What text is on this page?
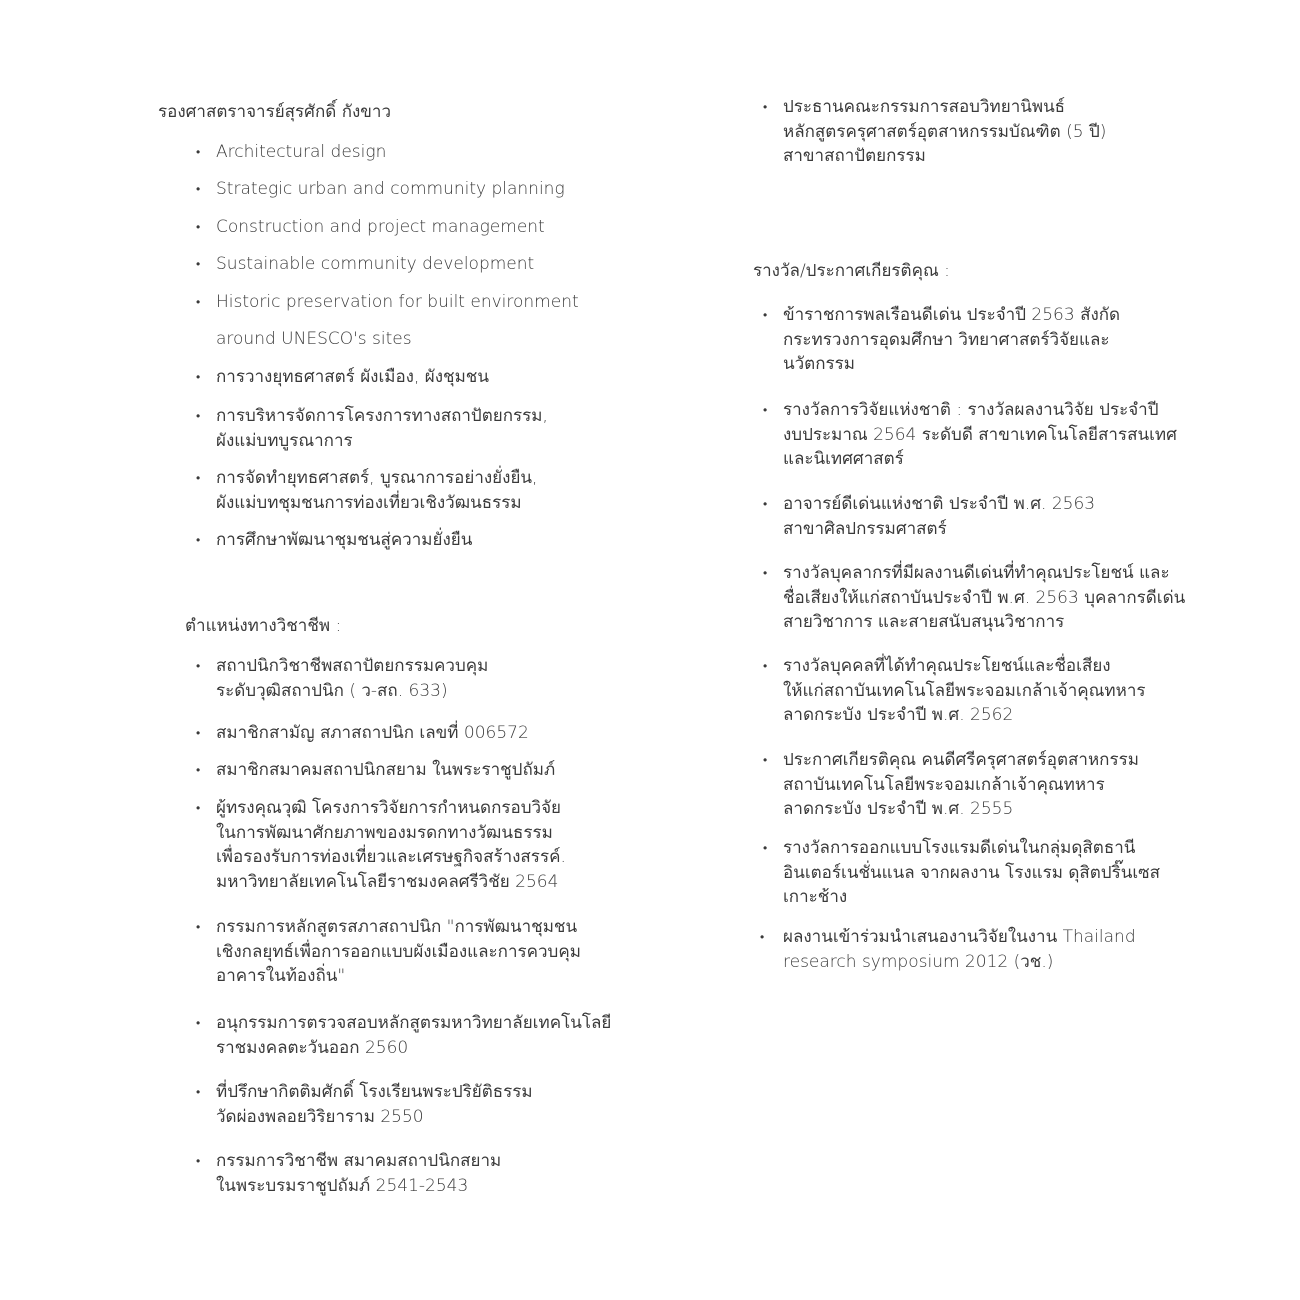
รองศาสตราจารย์สุรศักดิ์ กังขาว
• Architectural design
• Strategic urban and community planning
• Construction and project management
• Sustainable community development
• Historic preservation for built environment
around UNESCO's sites
• การวางยุทธศาสตร์ ผังเมือง, ผังชุมชน
• การบริหารจัดการโครงการทางสถาปัตยกรรม,
ผังแม่บทบูรณาการ
• การจัดทำยุทธศาสตร์, บูรณาการอย่างยั่งยืน,
ผังแม่บทชุมชนการท่องเที่ยวเชิงวัฒนธรรม
• การศึกษาพัฒนาชุมชนสู่ความยั่งยืน
ตำแหน่งทางวิชาชีพ :
• สถาปนิกวิชาชีพสถาปัตยกรรมควบคุม
ระดับวุฒิสถาปนิก ( ว-สถ. 633)
• สมาชิกสามัญ สภาสถาปนิก เลขที่ 006572
• สมาชิกสมาคมสถาปนิกสยาม ในพระราชูปถัมภ์
• ผู้ทรงคุณวุฒิ โครงการวิจัยการกำหนดกรอบวิจัย
ในการพัฒนาศักยภาพของมรดกทางวัฒนธรรม
เพื่อรองรับการท่องเที่ยวและเศรษฐกิจสร้างสรรค์.
มหาวิทยาลัยเทคโนโลยีราชมงคลศรีวิชัย 2564
• กรรมการหลักสูตรสภาสถาปนิก "การพัฒนาชุมชน
เชิงกลยุทธ์เพื่อการออกแบบผังเมืองและการควบคุม
อาคารในท้องถิ่น"
• อนุกรรมการตรวจสอบหลักสูตรมหาวิทยาลัยเทคโนโลยี
ราชมงคลตะวันออก 2560
• ที่ปรึกษากิตติมศักดิ์ โรงเรียนพระปริยัติธรรม
วัดผ่องพลอยวิริยาราม 2550
• กรรมการวิชาชีพ สมาคมสถาปนิกสยาม
ในพระบรมราชูปถัมภ์ 2541-2543
• ประธานคณะกรรมการสอบวิทยานิพนธ์
หลักสูตรครุศาสตร์อุตสาหกรรมบัณฑิต (5 ปี)
สาขาสถาปัตยกรรม
รางวัล/ประกาศเกียรติคุณ :
• ข้าราชการพลเรือนดีเด่น ประจำปี 2563 สังกัด
กระทรวงการอุดมศึกษา วิทยาศาสตร์วิจัยและ
นวัตกรรม
• รางวัลการวิจัยแห่งชาติ : รางวัลผลงานวิจัย ประจำปี
งบประมาณ 2564 ระดับดี สาขาเทคโนโลยีสารสนเทศ
และนิเทศศาสตร์
• อาจารย์ดีเด่นแห่งชาติ ประจำปี พ.ศ. 2563
สาขาศิลปกรรมศาสตร์
• รางวัลบุคลากรที่มีผลงานดีเด่นที่ทำคุณประโยชน์ และ
ชื่อเสียงให้แก่สถาบันประจำปี พ.ศ. 2563 บุคลากรดีเด่น
สายวิชาการ และสายสนับสนุนวิชาการ
• รางวัลบุคคลที่ได้ทำคุณประโยชน์และชื่อเสียง
ให้แก่สถาบันเทคโนโลยีพระจอมเกล้าเจ้าคุณทหาร
ลาดกระบัง ประจำปี พ.ศ. 2562
• ประกาศเกียรติคุณ คนดีศรีครุศาสตร์อุตสาหกรรม
สถาบันเทคโนโลยีพระจอมเกล้าเจ้าคุณทหาร
ลาดกระบัง ประจำปี พ.ศ. 2555
• รางวัลการออกแบบโรงแรมดีเด่นในกลุ่มดุสิตธานี
อินเตอร์เนชั่นแนล จากผลงาน โรงแรม ดุสิตปริ๊นเซส
เกาะช้าง
• ผลงานเข้าร่วมนำเสนองานวิจัยในงาน Thailand
research symposium 2012 (วช.)
